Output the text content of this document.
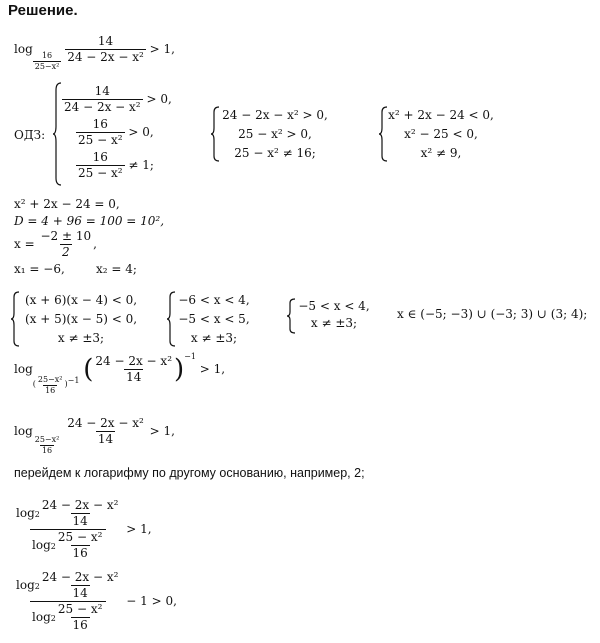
Решение.
log
$\frac{16}{\text{25−x²}}$
$\frac{14}{\text{24 − 2x − x²}} > 1$,
ОДЗ:
$\frac{14}{\text{24 − 2x − x²}} > 0$,
$\frac{16}{\text{25 − x²}} > 0$,
$\frac{16}{\text{25 − x²}} \ne 1$;
24 − 2x − x² > 0,
25 − x² > 0,
25 − x² ≠ 16;
x² + 2x − 24 < 0,
x² − 25 < 0,
x² ≠ 9,
x² + 2x − 24 = 0,
D = 4 + 96 = 100 = 10²,
$x = \frac{-2 \pm 10}{2}$ ,
x₁ = −6,	x₂ = 4;
(x + 6)(x − 4) < 0,
(x + 5)(x − 5) < 0,
x ≠ ±3;
−6 < x < 4,
−5 < x < 5,
x ≠ ±3;
−5 < x < 4,
x ≠ ±3;
x ∈ (−5; −3) ∪ (−3; 3) ∪ (3; 4);
$\log( \frac{\text{25−x²}}{16} )^{-1}$ ( $\frac{\text{24 − 2x − x²}}{14} )^{-1} > 1$,
log
$\frac{\text{25−x²}}{16}$
$\frac{\text{24 − 2x − x²}}{14} > 1$,
перейдем к логарифму по другому основанию, например, 2;
$\frac{\log 2 \frac{\text{24 − 2x − x²}}{14}}{\log 2 \frac{\text{25 − x²}}{16}} > 1$,
$\frac{\log 2 \frac{\text{24 − 2x − x²}}{14}}{\log 2 \frac{\text{25 − x²}}{16}} - 1 > 0$,
